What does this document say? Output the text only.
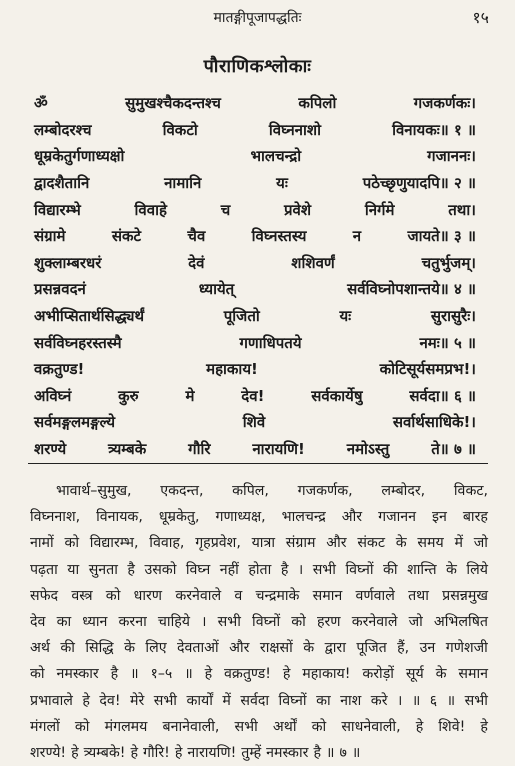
मातङ्गीपूजापद्धतिः	१५
पौराणिकश्लोकाः
ॐ	सुमुखश्चैकदन्तश्च	कपिलो	गजकर्णकः।
लम्बोदरश्च	विकटो	विघ्ननाशो	विनायकः॥ १ ॥
धूम्रकेतुर्गणाध्यक्षो	भालचन्द्रो	गजाननः।
द्वादशैतानि	नामानि	यः	पठेच्छृणुयादपि॥ २ ॥
विद्यारम्भे	विवाहे	च	प्रवेशे	निर्गमे	तथा।
संग्रामे	संकटे	चैव	विघ्नस्तस्य	न	जायते॥ ३ ॥
शुक्लाम्बरधरं	देवं	शशिवर्णं	चतुर्भुजम्।
प्रसन्नवदनं	ध्यायेत्	सर्वविघ्नोपशान्तये॥ ४ ॥
अभीप्सितार्थसिद्ध्यर्थं	पूजितो	यः	सुरासुरैः।
सर्वविघ्नहरस्तस्मै	गणाधिपतये	नमः॥ ५ ॥
वक्रतुण्ड!	महाकाय!	कोटिसूर्यसमप्रभ!।
अविघ्नं	कुरु	मे	देव!	सर्वकार्येषु	सर्वदा॥ ६ ॥
सर्वमङ्गलमङ्गल्ये	शिवे	सर्वार्थसाधिके!।
शरण्ये	त्र्यम्बके	गौरि	नारायणि!	नमोऽस्तु	ते॥ ७ ॥
भावार्थ–सुमुख, एकदन्त, कपिल, गजकर्णक, लम्बोदर, विकट,
विघ्ननाश, विनायक, धूम्रकेतु, गणाध्यक्ष, भालचन्द्र और गजानन इन बारह
नामों को विद्यारम्भ, विवाह, गृहप्रवेश, यात्रा संग्राम और संकट के समय में जो
पढ़ता या सुनता है उसको विघ्न नहीं होता है । सभी विघ्नों की शान्ति के लिये
सफेद वस्त्र को धारण करनेवाले व चन्द्रमाके समान वर्णवाले तथा प्रसन्नमुख
देव का ध्यान करना चाहिये । सभी विघ्नों को हरण करनेवाले जो अभिलषित
अर्थ की सिद्धि के लिए देवताओं और राक्षसों के द्वारा पूजित हैं, उन गणेशजी
को नमस्कार है ॥ १–५ ॥ हे वक्रतुण्ड! हे महाकाय! करोड़ों सूर्य के समान
प्रभावाले हे देव! मेरे सभी कार्यों में सर्वदा विघ्नों का नाश करे । ॥ ६ ॥ सभी
मंगलों को मंगलमय बनानेवाली, सभी अर्थों को साधनेवाली, हे शिवे! हे
शरण्ये! हे त्र्यम्बके! हे गौरि! हे नारायणि! तुम्हें नमस्कार है ॥ ७ ॥
